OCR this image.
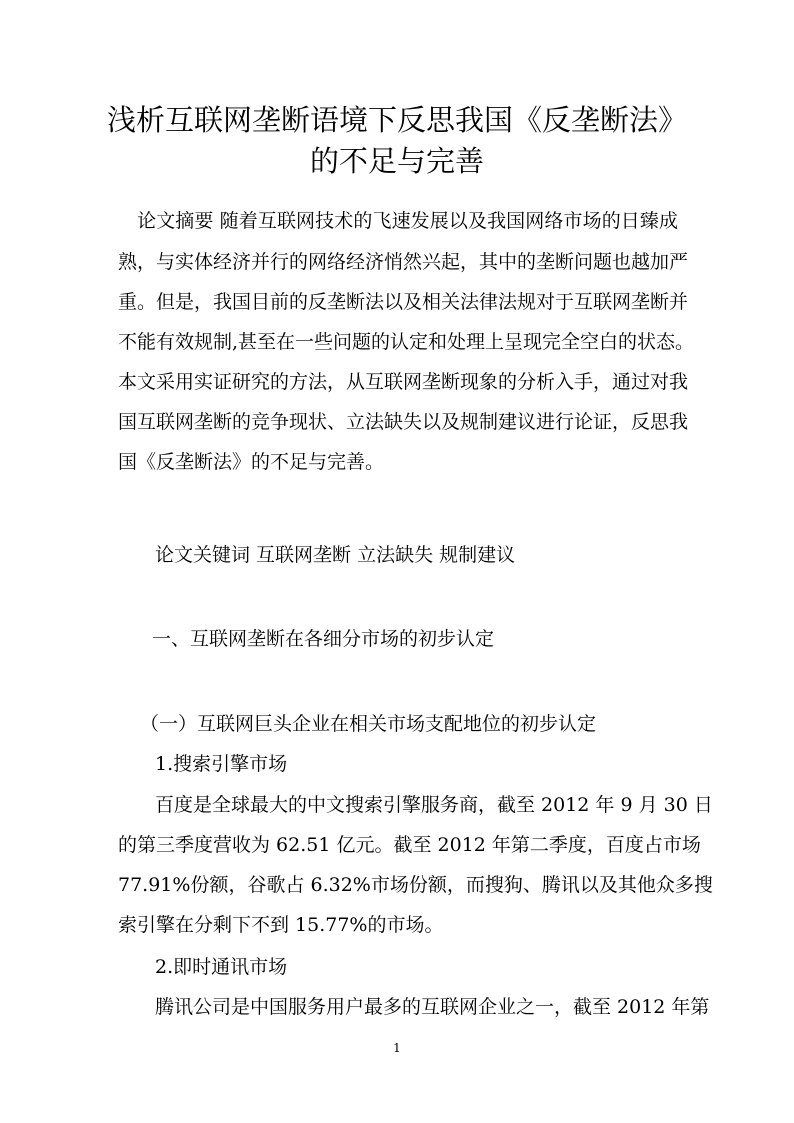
浅析互联网垄断语境下反思我国《反垄断法》
的不足与完善
　论文摘要 随着互联网技术的飞速发展以及我国网络市场的日臻成
熟，与实体经济并行的网络经济悄然兴起，其中的垄断问题也越加严
重。但是，我国目前的反垄断法以及相关法律法规对于互联网垄断并
不能有效规制,甚至在一些问题的认定和处理上呈现完全空白的状态。
本文采用实证研究的方法，从互联网垄断现象的分析入手，通过对我
国互联网垄断的竞争现状、立法缺失以及规制建议进行论证，反思我
国《反垄断法》的不足与完善。
论文关键词 互联网垄断 立法缺失 规制建议
一、互联网垄断在各细分市场的初步认定
（一）互联网巨头企业在相关市场支配地位的初步认定
1.搜索引擎市场
百度是全球最大的中文搜索引擎服务商，截至 2012 年 9 月 30 日
的第三季度营收为 62.51 亿元。截至 2012 年第二季度，百度占市场
77.91%份额，谷歌占 6.32%市场份额，而搜狗、腾讯以及其他众多搜
索引擎在分剩下不到 15.77%的市场。
2.即时通讯市场
腾讯公司是中国服务用户最多的互联网企业之一，截至 2012 年第
1
